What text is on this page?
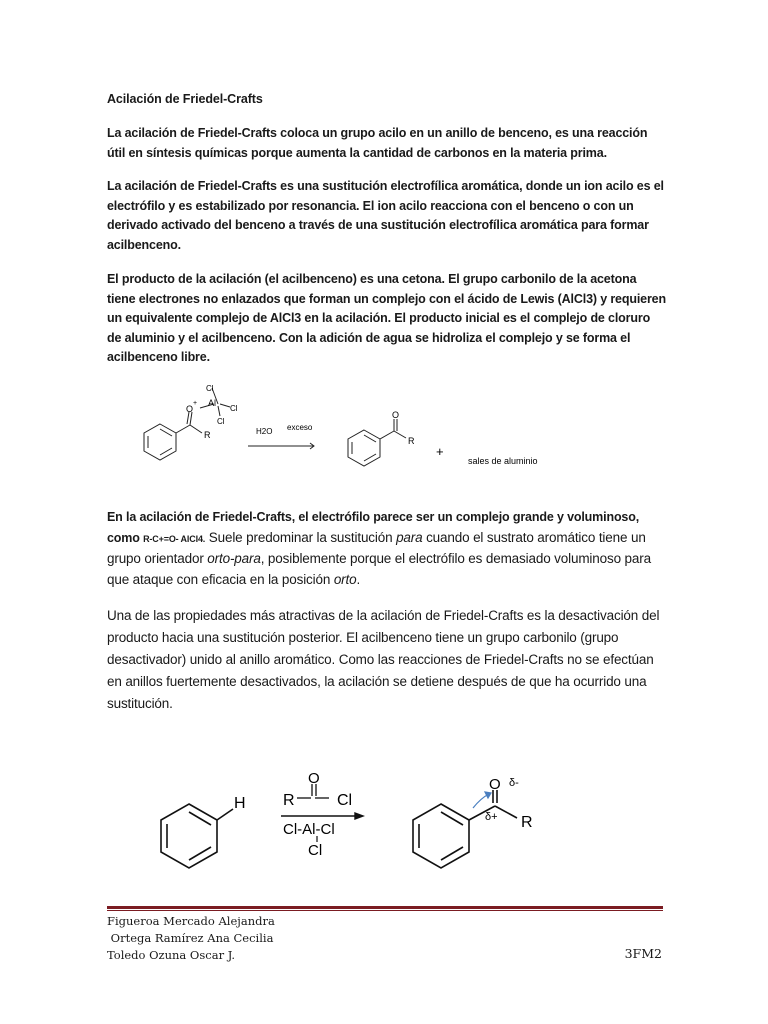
Acilación de Friedel-Crafts

La acilación de Friedel-Crafts coloca un grupo acilo en un anillo de benceno, es una reacción útil en síntesis químicas porque aumenta la cantidad de carbonos en la materia prima.

La acilación de Friedel-Crafts es una sustitución electrofílica aromática, donde un ion acilo es el electrófilo y es estabilizado por resonancia. El ion acilo reacciona con el benceno o con un derivado activado del benceno a través de una sustitución electrofílica aromática para formar acilbenceno.

El producto de la acilación (el acilbenceno) es una cetona. El grupo carbonilo de la acetona tiene electrones no enlazados que forman un complejo con el ácido de Lewis (AlCl3) y requieren un equivalente complejo de AlCl3 en la acilación. El producto inicial es el complejo de cloruro de aluminio y el acilbenceno. Con la adición de agua se hidroliza el complejo y se forma el acilbenceno libre.

O
+ Al
Cl
Cl
Cl
R	H2O exceso
O
R
+
sales de aluminio

En la acilación de Friedel-Crafts, el electrófilo parece ser un complejo grande y voluminoso, como R-C+=O- AlCl4. Suele predominar la sustitución para cuando el sustrato aromático tiene un grupo orientador orto-para, posiblemente porque el electrófilo es demasiado voluminoso para que ataque con eficacia en la posición orto.

Una de las propiedades más atractivas de la acilación de Friedel-Crafts es la desactivación del producto hacia una sustitución posterior. El acilbenceno tiene un grupo carbonilo (grupo desactivador) unido al anillo aromático. Como las reacciones de Friedel-Crafts no se efectúan en anillos fuertemente desactivados, la acilación se detiene después de que ha ocurrido una sustitución.

H R
O
Cl
Cl-Al-Cl
Cl
O δ-
δ+ R
Figueroa Mercado Alejandra
Ortega Ramírez Ana Cecilia
Toledo Ozuna Oscar J.	3FM2
